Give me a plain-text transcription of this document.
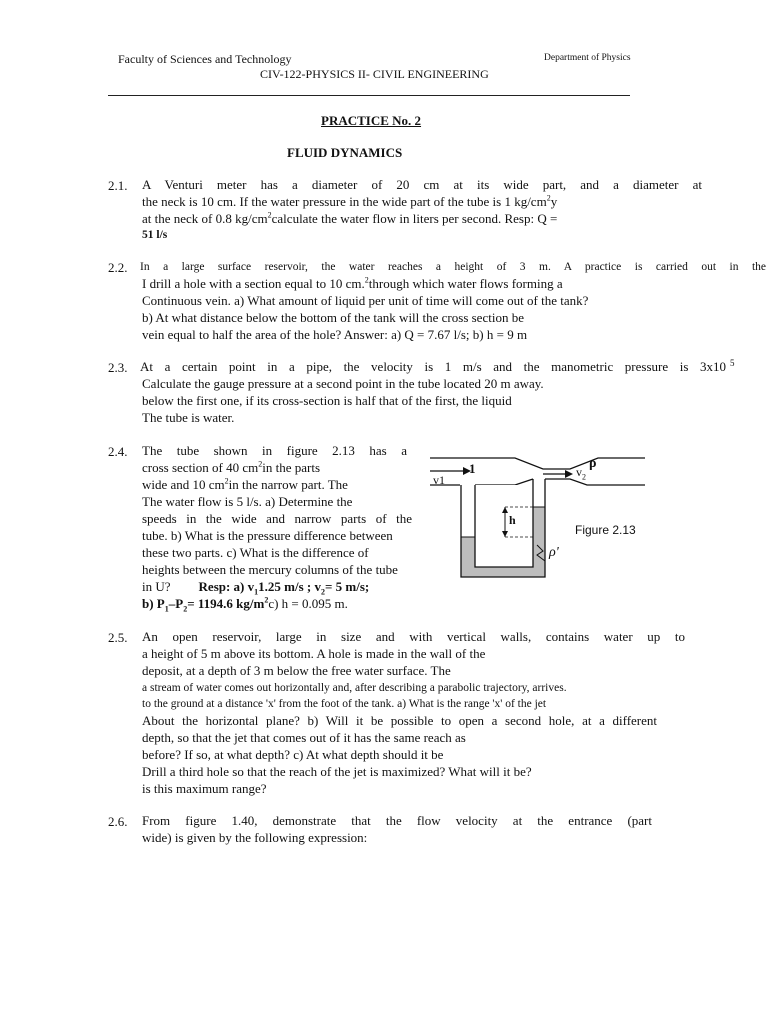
Faculty of Sciences and Technology	Department of Physics
CIV-122-PHYSICS II- CIVIL ENGINEERING
PRACTICE No. 2
FLUID DYNAMICS
2.1. A Venturi meter has a diameter of 20 cm at its wide part, and a diameter at
the neck is 10 cm. If the water pressure in the wide part of the tube is 1 $kg/cm^2y$
at the neck of 0.8 $kg/cm^2calculate$ the water flow in liters per second. Resp: Q =
51 l/s
2.2. In a large surface reservoir, the water reaches a height of 3 m. A practice is carried out in the
I drill a hole with a section equal to 10 cm.$^2$through which water flows forming a
Continuous vein. a) What amount of liquid per unit of time will come out of the tank?
b) At what distance below the bottom of the tank will the cross section be
vein equal to half the area of the hole? Answer: a) Q = 7.67 l/s; b) h = 9 m
2.3. At a certain point in a pipe, the velocity is 1 m/s and the manometric pressure is 3x10 5
Calculate the gauge pressure at a second point in the tube located 20 m away.
below the first one, if its cross-section is half that of the first, the liquid
The tube is water.
2.4. The tube shown in figure 2.13 has a
cross section of 40 $cm^2in$ the parts
wide and 10 $cm^2in$ the narrow part. The
The water flow is 5 l/s. a) Determine the
speeds in the wide and narrow parts of the
tube. b) What is the pressure difference between
these two parts. c) What is the difference of
heights between the mercury columns of the tube
in U? Resp: a) $v_11.25$ m/s ; $v_2= 5$ m/s;
b) $P_1-P_2= 1194.6$ $kg/m^2c$) h = 0.095 m.
1
v1
$v_2$
ρ
h
ρ'
Figure 2.13
2.5. An open reservoir, large in size and with vertical walls, contains water up to
a height of 5 m above its bottom. A hole is made in the wall of the
deposit, at a depth of 3 m below the free water surface. The
a stream of water comes out horizontally and, after describing a parabolic trajectory, arrives.
to the ground at a distance 'x' from the foot of the tank. a) What is the range 'x' of the jet
About the horizontal plane? b) Will it be possible to open a second hole, at a different
depth, so that the jet that comes out of it has the same reach as
before? If so, at what depth? c) At what depth should it be
Drill a third hole so that the reach of the jet is maximized? What will it be?
is this maximum range?
2.6. From figure 1.40, demonstrate that the flow velocity at the entrance (part
wide) is given by the following expression:
